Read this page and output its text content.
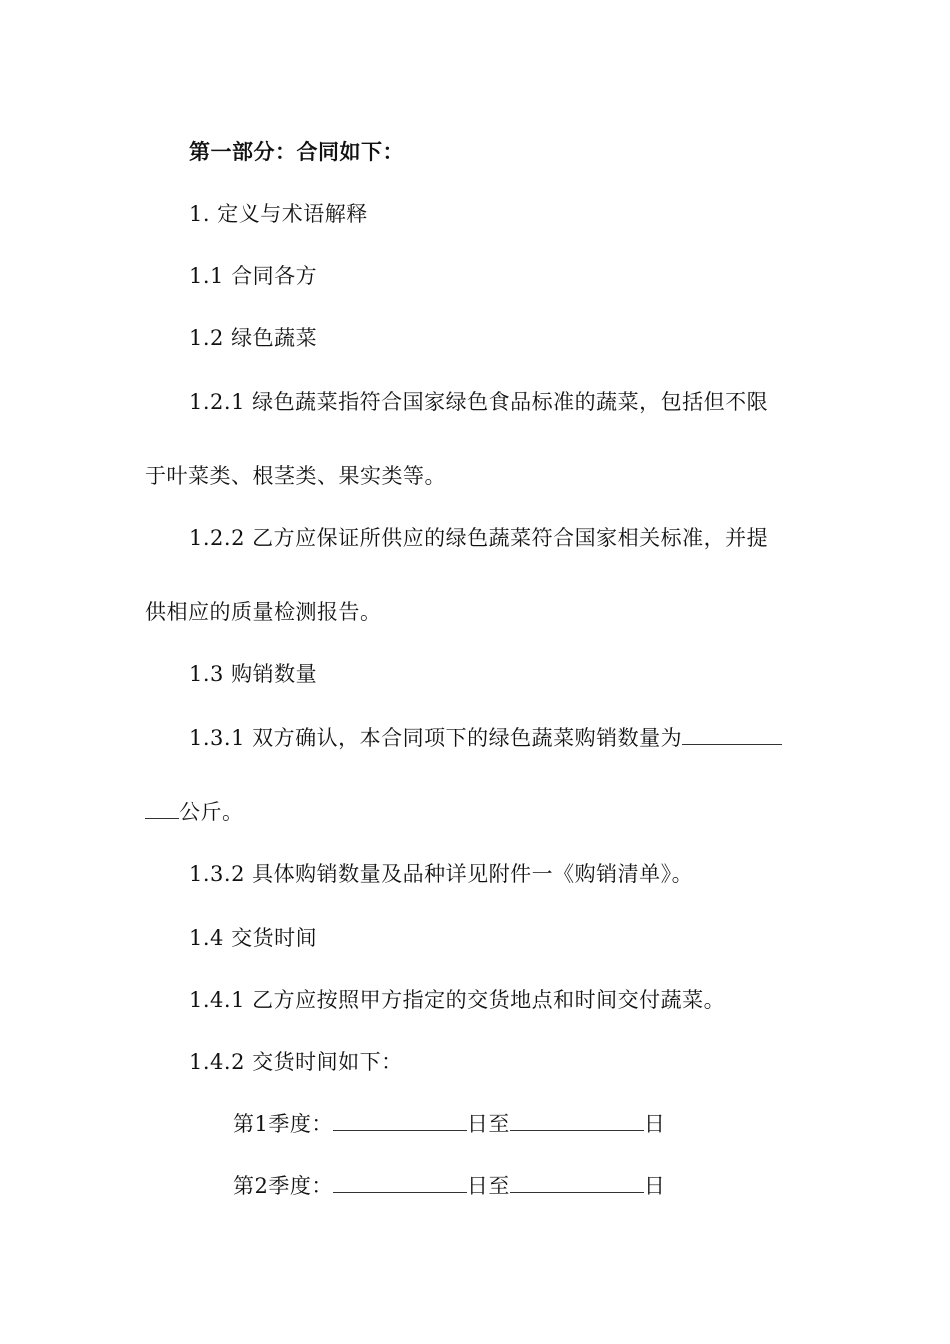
第一部分：合同如下：
1. 定义与术语解释
1.1 合同各方
1.2 绿色蔬菜
1.2.1 绿色蔬菜指符合国家绿色食品标准的蔬菜，包括但不限
于叶菜类、根茎类、果实类等。
1.2.2 乙方应保证所供应的绿色蔬菜符合国家相关标准，并提
供相应的质量检测报告。
1.3 购销数量
1.3.1 双方确认，本合同项下的绿色蔬菜购销数量为
公斤。
1.3.2 具体购销数量及品种详见附件一《购销清单》。
1.4 交货时间
1.4.1 乙方应按照甲方指定的交货地点和时间交付蔬菜。
1.4.2 交货时间如下：
第1季度：	日至	日
第2季度：	日至	日
